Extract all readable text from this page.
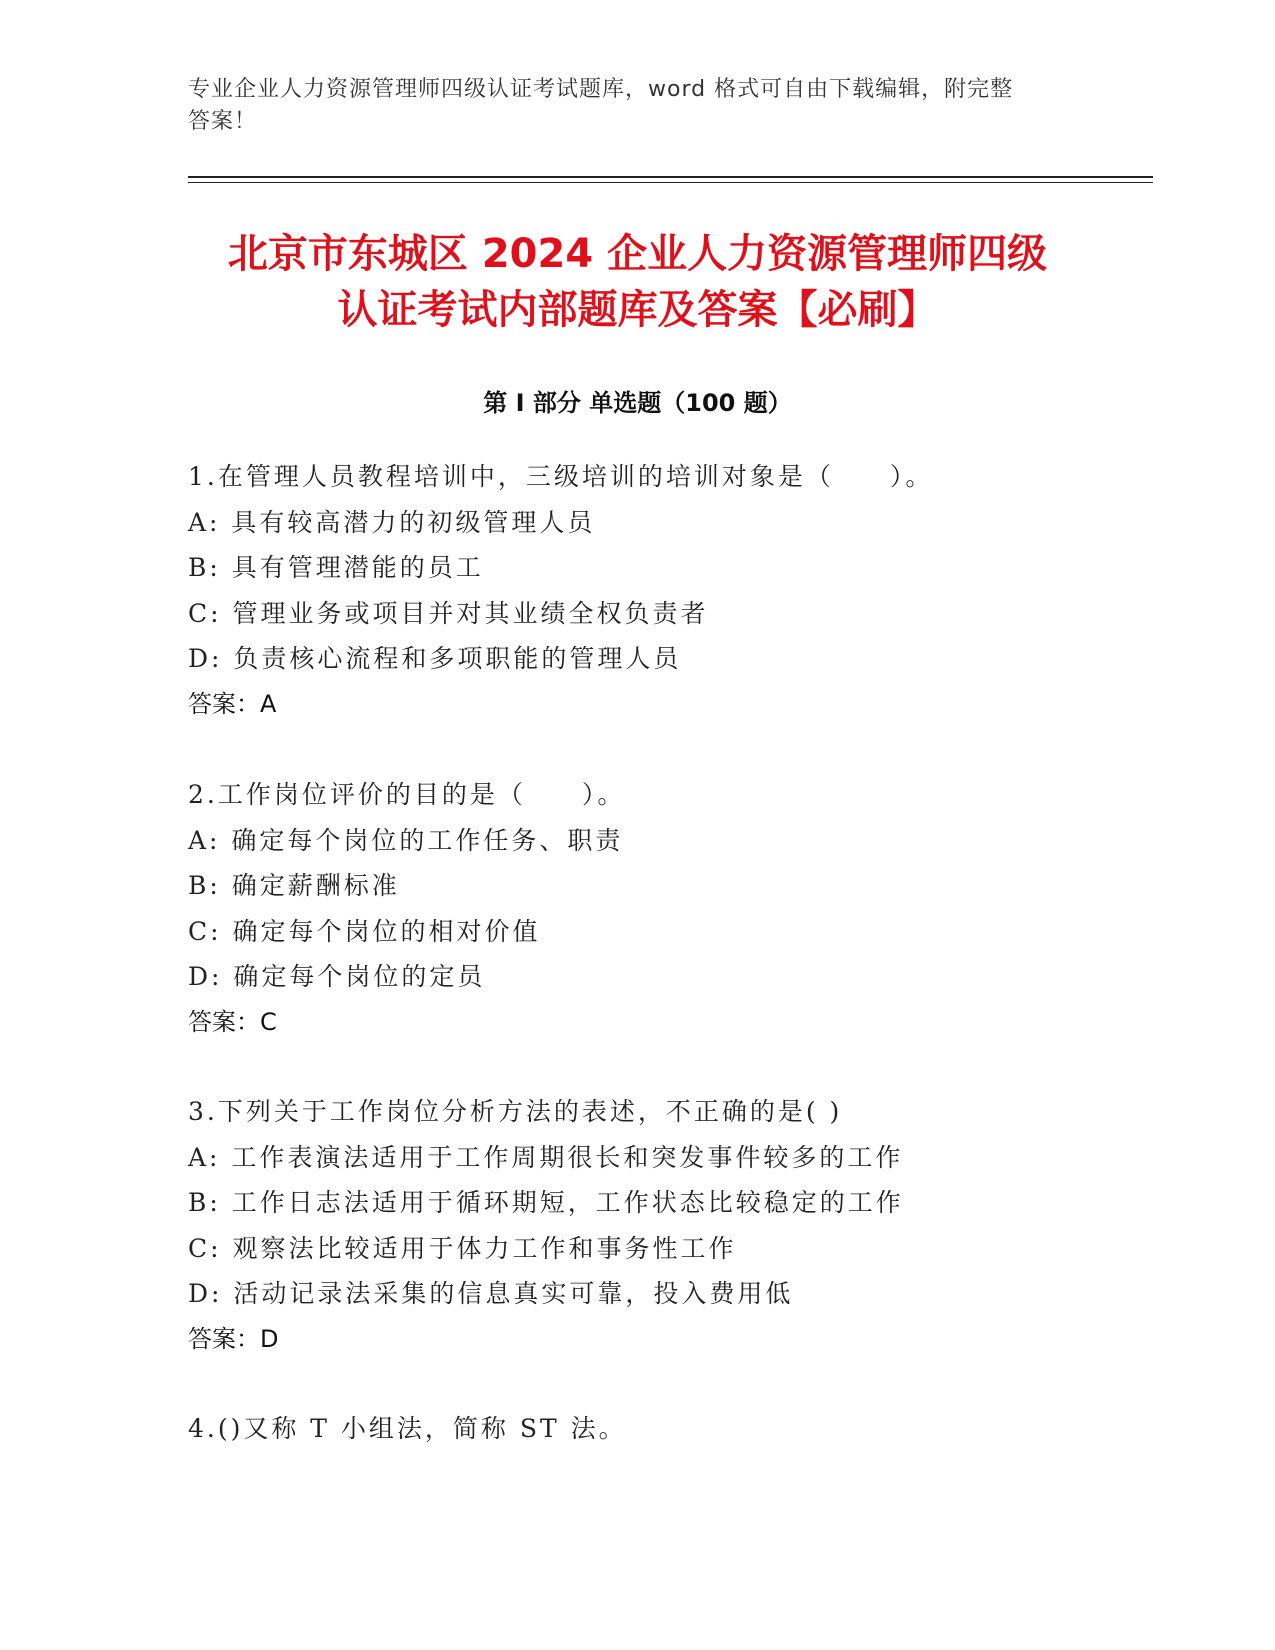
专业企业人力资源管理师四级认证考试题库，word 格式可自由下载编辑，附完整
答案！
北京市东城区 2024 企业人力资源管理师四级
认证考试内部题库及答案【必刷】
第 I 部分 单选题（100 题）
1.在管理人员教程培训中，三级培训的培训对象是（　　）。
A: 具有较高潜力的初级管理人员
B: 具有管理潜能的员工
C: 管理业务或项目并对其业绩全权负责者
D: 负责核心流程和多项职能的管理人员
答案：A
2.工作岗位评价的目的是（　　）。
A: 确定每个岗位的工作任务、职责
B: 确定薪酬标准
C: 确定每个岗位的相对价值
D: 确定每个岗位的定员
答案：C
3.下列关于工作岗位分析方法的表述，不正确的是( )
A: 工作表演法适用于工作周期很长和突发事件较多的工作
B: 工作日志法适用于循环期短，工作状态比较稳定的工作
C: 观察法比较适用于体力工作和事务性工作
D: 活动记录法采集的信息真实可靠，投入费用低
答案：D
4.()又称 T 小组法，简称 ST 法。
